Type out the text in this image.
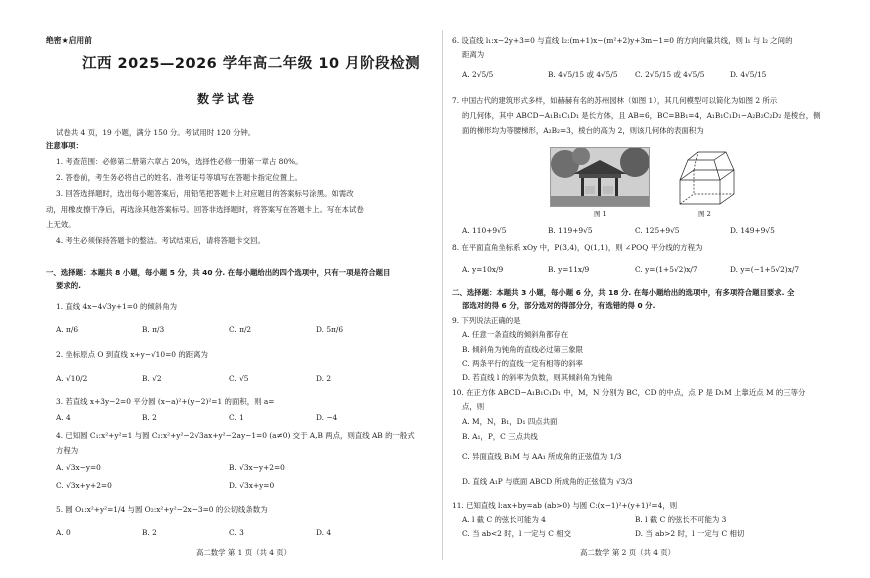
绝密★启用前
江西 2025—2026 学年高二年级 10 月阶段检测
数学试卷
试卷共 4 页，19 小题，满分 150 分。考试用时 120 分钟。
注意事项：
1. 考查范围：必修第二册第六章占 20%，选择性必修一册第一章占 80%。
2. 答卷前，考生务必将自己的姓名、准考证号等填写在答题卡指定位置上。
3. 回答选择题时，选出每小题答案后，用铅笔把答题卡上对应题目的答案标号涂黑。如需改
动，用橡皮擦干净后，再选涂其他答案标号。回答非选择题时，将答案写在答题卡上。写在本试卷
上无效。
4. 考生必须保持答题卡的整洁。考试结束后，请将答题卡交回。
一、选择题：本题共 8 小题，每小题 5 分，共 40 分. 在每小题给出的四个选项中，只有一项是符合题目
要求的.
1. 直线 4x−4√3y+1=0 的倾斜角为
A. π/6	B. π/3	C. π/2	D. 5π/6
2. 坐标原点 O 到直线 x+y−√10=0 的距离为
A. √10/2	B. √2	C. √5	D. 2
3. 若直线 x+3y−2=0 平分圆 (x−a)²+(y−2)²=1 的面积，则 a=
A. 4	B. 2	C. 1	D. −4
4. 已知圆 C₁:x²+y²=1 与圆 C₂:x²+y²−2√3ax+y²−2ay−1=0 (a≠0) 交于 A,B 两点，则直线 AB 的一般式
方程为
A. √3x−y=0	B. √3x−y+2=0
C. √3x+y+2=0	D. √3x+y=0
5. 圆 O₁:x²+y²=1/4 与圆 O₂:x²+y²−2x−3=0 的公切线条数为
A. 0	B. 2	C. 3	D. 4
高二数学 第 1 页（共 4 页）
6. 设直线 l₁:x−2y+3=0 与直线 l₂:(m+1)x−(m²+2)y+3m−1=0 的方向向量共线，则 l₁ 与 l₂ 之间的
距离为
A. 2√5/5	B. 4√5/15 或 4√5/5 C. 2√5/15 或 4√5/5	D. 4√5/15
7. 中国古代的建筑形式多样，如赫赫有名的苏州园林（如图 1），其几何模型可以简化为如图 2 所示
的几何体，其中 ABCD−A₁B₁C₁D₁ 是长方体，且 AB=6，BC=BB₁=4，A₁B₁C₁D₁−A₂B₂C₂D₂ 是棱台，侧
面的梯形均为等腰梯形，A₂B₂=3，棱台的高为 2，则该几何体的表面积为
图 1	图 2
A. 110+9√5	B. 119+9√5	C. 125+9√5	D. 149+9√5
8. 在平面直角坐标系 xOy 中，P(3,4)，Q(1,1)，则 ∠POQ 平分线的方程为
A. y=10x/9	B. y=11x/9	C. y=(1+5√2)x/7	D. y=(−1+5√2)x/7
二、选择题：本题共 3 小题，每小题 6 分，共 18 分. 在每小题给出的选项中，有多项符合题目要求. 全
部选对的得 6 分，部分选对的得部分分，有选错的得 0 分.
9. 下列说法正确的是
A. 任意一条直线的倾斜角都存在
B. 倾斜角为钝角的直线必过第三象限
C. 两条平行的直线一定有相等的斜率
D. 若直线 l 的斜率为负数，则其倾斜角为钝角
10. 在正方体 ABCD−A₁B₁C₁D₁ 中，M，N 分别为 BC，CD 的中点，点 P 是 D₁M 上靠近点 M 的三等分
点，则
A. M，N，B₁，D₁ 四点共面
B. A₁，P，C 三点共线
C. 异面直线 B₁M 与 AA₁ 所成角的正弦值为 1/3
D. 直线 A₁P 与底面 ABCD 所成角的正弦值为 √3/3
11. 已知直线 l:ax+by=ab (ab>0) 与圆 C:(x−1)²+(y+1)²=4，则
A. l 截 C 的弦长可能为 4	B. l 截 C 的弦长不可能为 3
C. 当 ab<2 时，l 一定与 C 相交	D. 当 ab>2 时，l 一定与 C 相切
高二数学 第 2 页（共 4 页）
